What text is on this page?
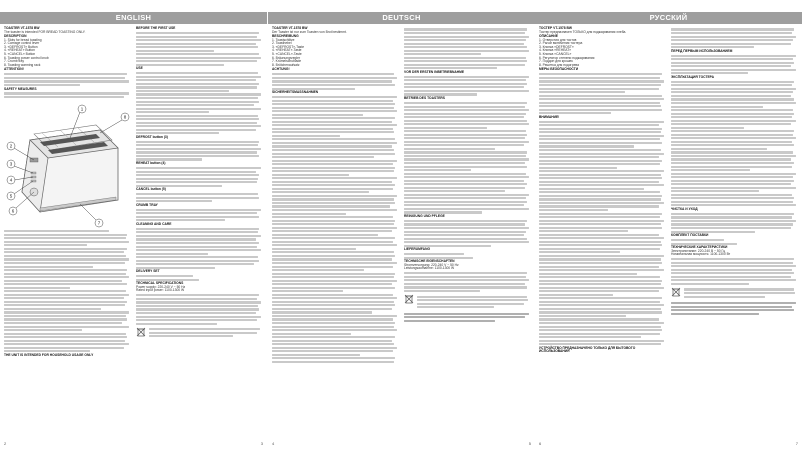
ENGLISH

TOASTER VT-1578 BW

The toaster is intended FOR BREAD TOASTING ONLY.

DESCRIPTION

1. Slots for bread toasting

2. Carriage control lever

3. «DEFROST» Button

4. «REHEAT» Button

5. «CANCEL» Button

6. Toasting power control knob

7. Crumb tray

8. Toasting warming rack

ATTENTION!

SAFETY MEASURES

THE UNIT IS INTENDED FOR HOUSEHOLD USAGE ONLY

BEFORE THE FIRST USE

USE

DEFROST button (3)

REHEAT button (4)

CANCEL button (5)

CRUMB TRAY

CLEANING AND CARE

DELIVERY SET

TECHNICAL SPECIFICATIONS

Power supply: 220-240 V ~ 50 Hz

Rated input power: 1100-1300 W

2	3
DEUTSCH

TOASTER VT-1578 BW

Der Toaster ist nur zum Toasten von Brot bestimmt.

BESCHREIBUNG

1. Toastschlitze

2. Toasthebel

3. «DEFROST»-Taste

4. «REHEAT»-Taste

5. «CANCEL»-Taste

6. Bräunungsregler

7. Krümelschublade

8. Brötchenaufsatz

ACHTUNG!

SICHERHEITSMASSNAHMEN

VOR DER ERSTEN INBETRIEBNAHME

BETRIEB DES TOASTERS

REINIGUNG UND PFLEGE

LIEFERUMFANG

TECHNISCHE EIGENSCHAFTEN

Stromversorgung: 220-240 V ~ 50 Hz

Leistungsaufnahme: 1100-1300 W

4	5
РУССКИЙ

ТОСТЕР VT-1578 BW

Тостер предназначен ТОЛЬКО для поджаривания хлеба.

ОПИСАНИЕ

1. Отверстия для тостов

2. Рычаг включения тостера

3. Кнопка «DEFROST»

4. Кнопка «REHEAT»

5. Кнопка «CANCEL»

6. Регулятор степени поджаривания

7. Поддон для крошек

8. Решетка для подогрева

МЕРЫ БЕЗОПАСНОСТИ

ВНИМАНИЕ!

УСТРОЙСТВО ПРЕДНАЗНАЧЕНО ТОЛЬКО ДЛЯ БЫТОВОГО ИСПОЛЬЗОВАНИЯ

ПЕРЕД ПЕРВЫМ ИСПОЛЬЗОВАНИЕМ

ЭКСПЛУАТАЦИЯ ТОСТЕРА

ЧИСТКА И УХОД

КОМПЛЕКТ ПОСТАВКИ

ТЕХНИЧЕСКИЕ ХАРАКТЕРИСТИКИ

Электропитание: 220-240 В ~ 50 Гц

Номинальная мощность: 1100-1300 Вт

6	7
1
2
3
4
5
6
7
8
